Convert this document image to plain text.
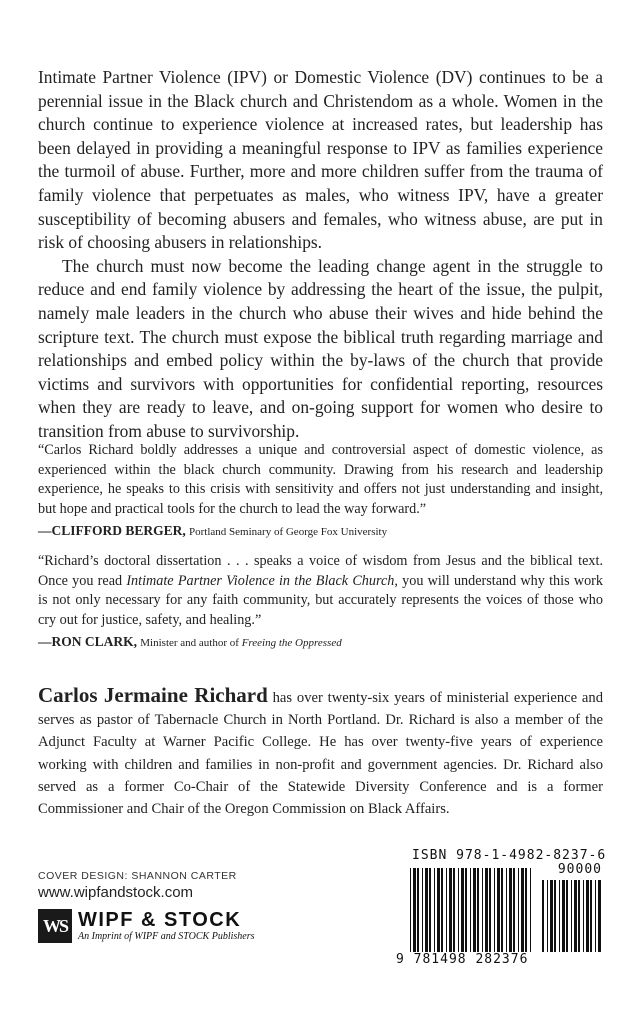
Intimate Partner Violence (IPV) or Domestic Violence (DV) continues to be a perennial issue in the Black church and Christendom as a whole. Women in the church continue to experience violence at increased rates, but leadership has been delayed in providing a meaningful response to IPV as families experience the turmoil of abuse. Further, more and more children suffer from the trauma of family violence that perpetuates as males, who witness IPV, have a greater susceptibility of becoming abusers and females, who witness abuse, are put in risk of choosing abusers in relationships.

The church must now become the leading change agent in the struggle to reduce and end family violence by addressing the heart of the issue, the pulpit, namely male leaders in the church who abuse their wives and hide behind the scripture text. The church must expose the biblical truth regarding marriage and relationships and embed policy within the by-laws of the church that provide victims and survivors with opportunities for confidential reporting, resources when they are ready to leave, and on-going support for women who desire to transition from abuse to survivorship.

“Carlos Richard boldly addresses a unique and controversial aspect of domestic violence, as experienced within the black church community. Drawing from his research and leadership experience, he speaks to this crisis with sensitivity and offers not just understanding and insight, but hope and practical tools for the church to lead the way forward.”

—CLIFFORD BERGER, Portland Seminary of George Fox University

“Richard’s doctoral dissertation . . . speaks a voice of wisdom from Jesus and the biblical text. Once you read Intimate Partner Violence in the Black Church, you will understand why this work is not only necessary for any faith community, but accurately represents the voices of those who cry out for justice, safety, and healing.”

—RON CLARK, Minister and author of Freeing the Oppressed
Carlos Jermaine Richard has over twenty-six years of ministerial experience and serves as pastor of Tabernacle Church in North Portland. Dr. Richard is also a member of the Adjunct Faculty at Warner Pacific College. He has over twenty-five years of experience working with children and families in non-profit and government agencies. Dr. Richard also served as a former Co-Chair of the Statewide Diversity Conference and is a former Commissioner and Chair of the Oregon Commission on Black Affairs.
COVER DESIGN: SHANNON CARTER
www.wipfandstock.com
WS WIPF & STOCK
An Imprint of WIPF and STOCK Publishers
ISBN 978-1-4982-8237-6
90000
9 781498 282376
